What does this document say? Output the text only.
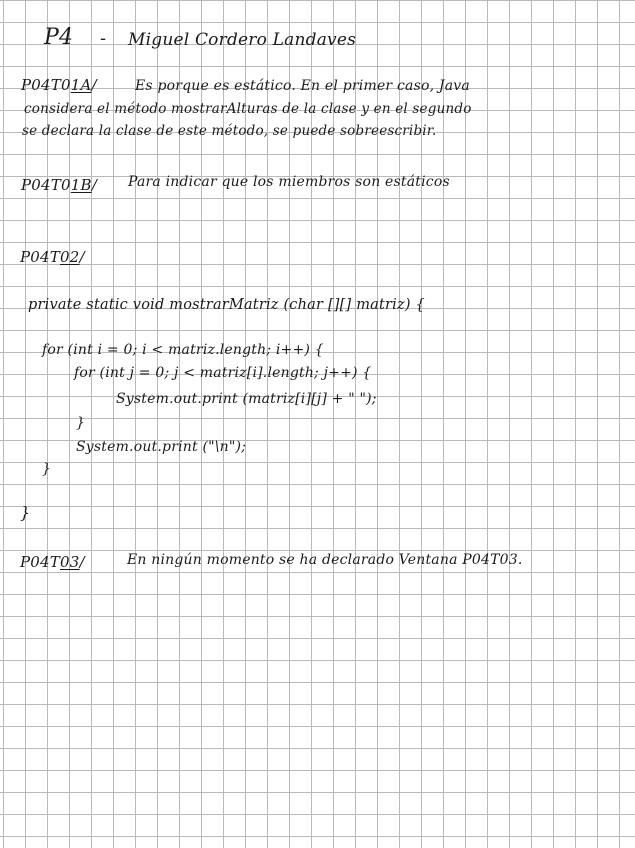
P4 - Miguel Cordero Landaves
P04T01A/	Es porque es estático. En el primer caso, Java
considera el método mostrarAlturas de la clase y en el segundo
se declara la clase de este método, se puede sobreescribir.
P04T01B/ Para indicar que los miembros son estáticos
P04T02/
private static void mostrarMatriz (char [][] matriz) {
for (int i = 0; i < matriz.length; i++) {
for (int j = 0; j < matriz[i].length; j++) {
System.out.print (matriz[i][j] + " ");
}
System.out.print ("\n");
}
}
P04T03/	En ningún momento se ha declarado Ventana P04T03.
